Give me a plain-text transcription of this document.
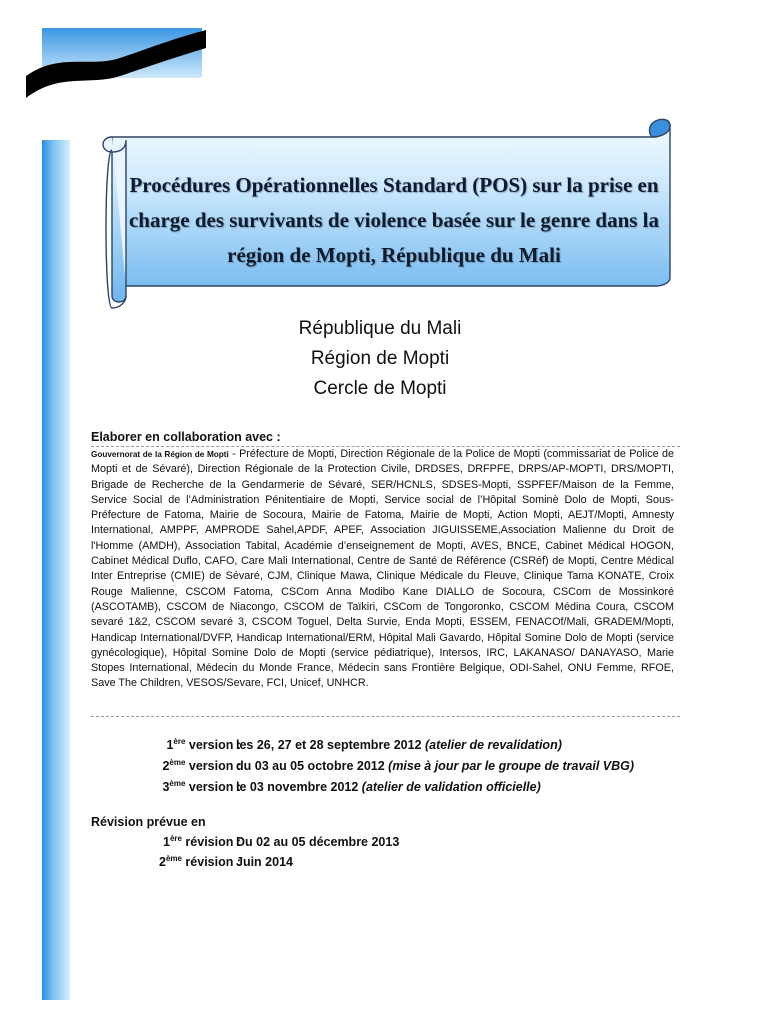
Procédures Opérationnelles Standard (POS) sur la prise en charge des survivants de violence basée sur le genre dans la région de Mopti, République du Mali
République du Mali
Région de Mopti
Cercle de Mopti
Elaborer en collaboration avec :
Gouvernorat de la Région de Mopti - Préfecture de Mopti, Direction Régionale de la Police de Mopti (commissariat de Police de Mopti et de Sévaré), Direction Régionale de la Protection Civile, DRDSES, DRFPFE, DRPS/AP-MOPTI, DRS/MOPTI, Brigade de Recherche de la Gendarmerie de Sévaré, SER/HCNLS, SDSES-Mopti, SSPFEF/Maison de la Femme, Service Social de l’Administration Pénitentiaire de Mopti, Service social de l’Hôpital Sominè Dolo de Mopti, Sous-Préfecture de Fatoma, Mairie de Socoura, Mairie de Fatoma, Mairie de Mopti, Action Mopti, AEJT/Mopti, Amnesty International, AMPPF, AMPRODE Sahel,APDF, APEF, Association JIGUISSEME,Association Malienne du Droit de l'Homme (AMDH), Association Tabital, Académie d’enseignement de Mopti, AVES, BNCE, Cabinet Médical HOGON, Cabinet Médical Duflo, CAFO, Care Mali International, Centre de Santé de Référence (CSRéf) de Mopti, Centre Médical Inter Entreprise (CMIE) de Sévaré, CJM, Clinique Mawa, Clinique Médicale du Fleuve, Clinique Tama KONATE, Croix Rouge Malienne, CSCOM Fatoma, CSCom Anna Modibo Kane DIALLO de Socoura, CSCom de Mossinkoré (ASCOTAMB), CSCOM de Niacongo, CSCOM de Taïkiri, CSCom de Tongoronko, CSCOM Médina Coura, CSCOM sevaré 1&2, CSCOM sevaré 3, CSCOM Toguel, Delta Survie, Enda Mopti, ESSEM, FENACOf/Mali, GRADEM/Mopti, Handicap International/DVFP, Handicap International/ERM, Hôpital Mali Gavardo, Hôpital Somine Dolo de Mopti (service gynécologique), Hôpital Somine Dolo de Mopti (service pédiatrique), Intersos, IRC, LAKANASO/ DANAYASO, Marie Stopes International, Médecin du Monde France, Médecin sans Frontière Belgique, ODI-Sahel, ONU Femme, RFOE, Save The Children, VESOS/Sevare, FCI, Unicef, UNHCR.
1ère version :
les 26, 27 et 28 septembre 2012 (atelier de revalidation)
2ème version :
du 03 au 05 octobre 2012 (mise à jour par le groupe de travail VBG)
3ème version :
le 03 novembre 2012 (atelier de validation officielle)
Révision prévue en
1ère révision :
Du 02 au 05 décembre 2013
2ème révision :
Juin 2014
